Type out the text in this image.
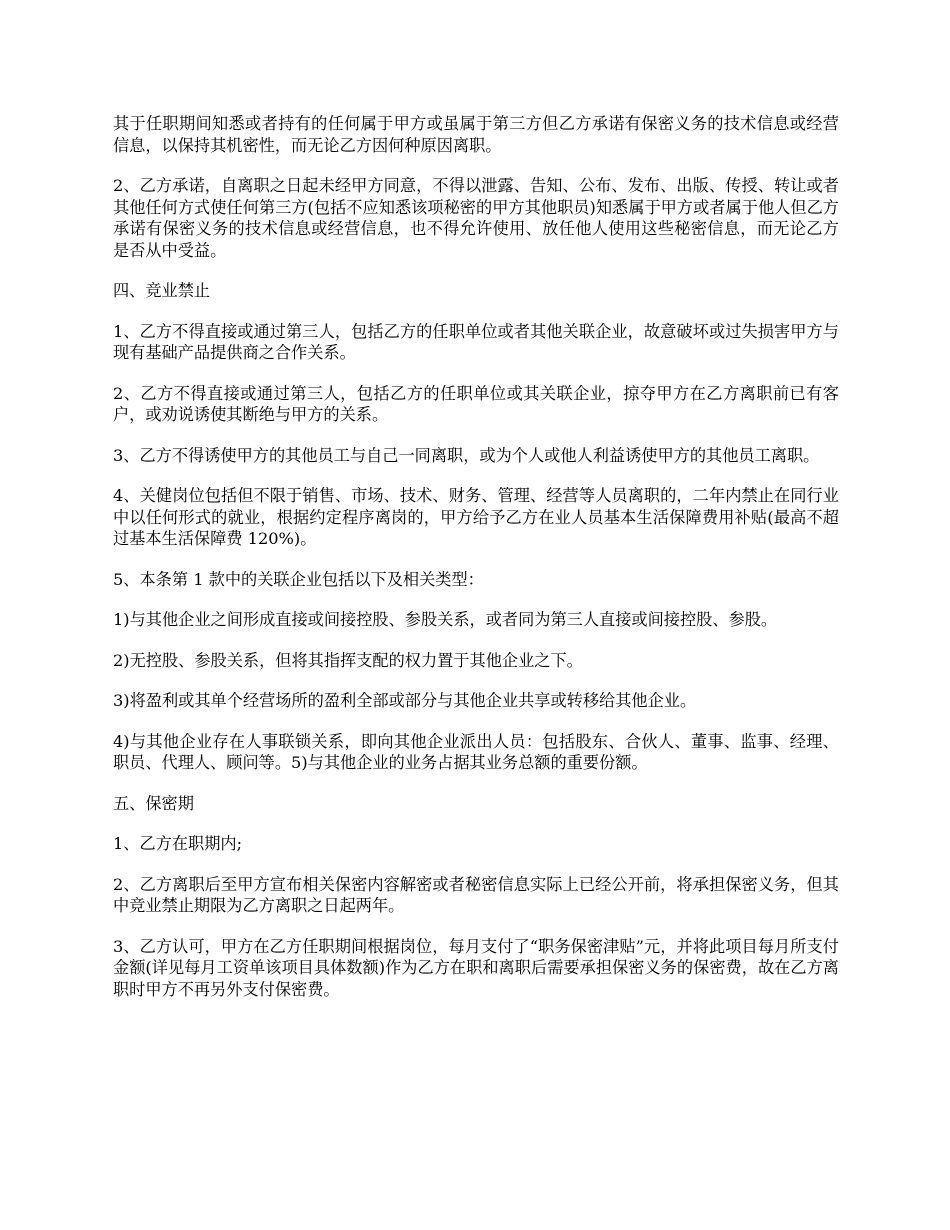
其于任职期间知悉或者持有的任何属于甲方或虽属于第三方但乙方承诺有保密义务的技术信息或经营信息，以保持其机密性，而无论乙方因何种原因离职。

2、乙方承诺，自离职之日起未经甲方同意，不得以泄露、告知、公布、发布、出版、传授、转让或者其他任何方式使任何第三方(包括不应知悉该项秘密的甲方其他职员)知悉属于甲方或者属于他人但乙方承诺有保密义务的技术信息或经营信息，也不得允许使用、放任他人使用这些秘密信息，而无论乙方是否从中受益。

四、竞业禁止

1、乙方不得直接或通过第三人，包括乙方的任职单位或者其他关联企业，故意破坏或过失损害甲方与现有基础产品提供商之合作关系。

2、乙方不得直接或通过第三人，包括乙方的任职单位或其关联企业，掠夺甲方在乙方离职前已有客户，或劝说诱使其断绝与甲方的关系。

3、乙方不得诱使甲方的其他员工与自己一同离职，或为个人或他人利益诱使甲方的其他员工离职。

4、关健岗位包括但不限于销售、市场、技术、财务、管理、经营等人员离职的，二年内禁止在同行业中以任何形式的就业，根据约定程序离岗的，甲方给予乙方在业人员基本生活保障费用补贴(最高不超过基本生活保障费 120%)。

5、本条第 1 款中的关联企业包括以下及相关类型：

1)与其他企业之间形成直接或间接控股、参股关系，或者同为第三人直接或间接控股、参股。

2)无控股、参股关系，但将其指挥支配的权力置于其他企业之下。

3)将盈利或其单个经营场所的盈利全部或部分与其他企业共享或转移给其他企业。

4)与其他企业存在人事联锁关系，即向其他企业派出人员：包括股东、合伙人、董事、监事、经理、职员、代理人、顾问等。5)与其他企业的业务占据其业务总额的重要份额。

五、保密期

1、乙方在职期内;

2、乙方离职后至甲方宣布相关保密内容解密或者秘密信息实际上已经公开前，将承担保密义务，但其中竞业禁止期限为乙方离职之日起两年。

3、乙方认可，甲方在乙方任职期间根据岗位，每月支付了“职务保密津贴”元，并将此项目每月所支付金额(详见每月工资单该项目具体数额)作为乙方在职和离职后需要承担保密义务的保密费，故在乙方离职时甲方不再另外支付保密费。
